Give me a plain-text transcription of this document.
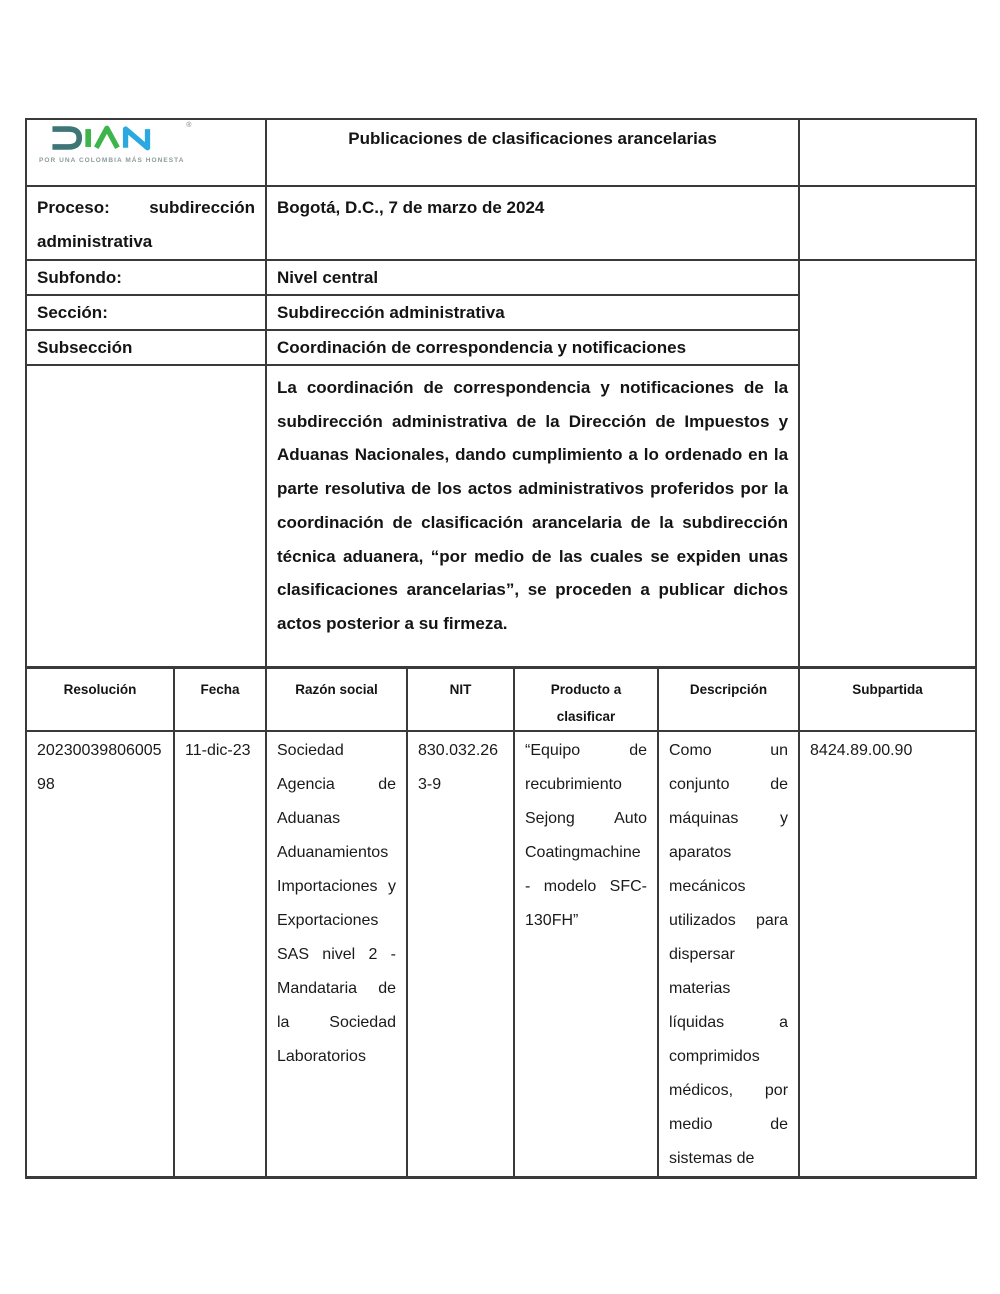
®
POR UNA COLOMBIA MÁS HONESTA		Publicaciones de clasificaciones arancelarias				
Proceso: subdirección administrativa		Bogotá, D.C., 7 de marzo de 2024				
Subfondo:		Nivel central				
Sección:		Subdirección administrativa				
Subsección		Coordinación de correspondencia y notificaciones				
		La coordinación de correspondencia y notificaciones de la subdirección administrativa de la Dirección de Impuestos y Aduanas Nacionales, dando cumplimiento a lo ordenado en la parte resolutiva de los actos administrativos proferidos por la coordinación de clasificación arancelaria de la subdirección técnica aduanera, “por medio de las cuales se expiden unas clasificaciones arancelarias”, se proceden a publicar dichos actos posterior a su firmeza.				
Resolución	Fecha	Razón social	NIT	Producto a clasificar	Descripción	Subpartida
2023003980600598	11-dic-23	Sociedad Agencia de Aduanas Aduanamientos Importaciones y Exportaciones SAS nivel 2 - Mandataria de la Sociedad Laboratorios	830.032.263-9	“Equipo de recubrimiento Sejong Auto Coatingmachine - modelo SFC-130FH”	Como un conjunto de máquinas y aparatos mecánicos utilizados para dispersar materias líquidas a comprimidos médicos, por medio de sistemas de	8424.89.00.90
